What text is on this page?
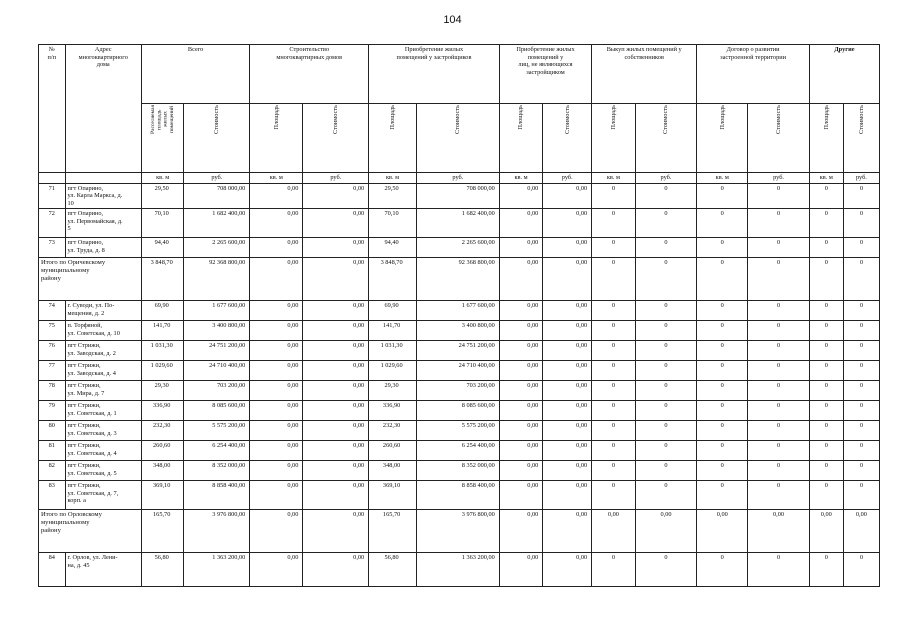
104
№
п/п	Адрес
многоквартирного
дома	Всего		Строительство
многоквартирных домов		Приобретение жилых
помещений у застройщиков		Приобретение жилых
помещений у
лиц, не являющихся
застройщиком		Выкуп жилых помещений у
собственников		Договор о развитии
застроенной территории		Другие	

		Расселяемая
площадь
жилых
помещений	Стоимость	Площадь	Стоимость	Площадь	Стоимость	Площадь	Стоимость	Площадь	Стоимость	Площадь	Стоимость	Площадь	Стоимость

		кв. м	руб.	кв. м	руб.	кв. м	руб.	кв. м	руб.	кв. м	руб.	кв. м	руб.	кв. м	руб.
71	пгт Опарино,
ул. Карла Маркса, д.
10	29,50	708 000,00	0,00	0,00	29,50	708 000,00	0,00	0,00	0	0	0	0	0	0
72	пгт Опарино,
ул. Первомайская, д.
5	70,10	1 682 400,00	0,00	0,00	70,10	1 682 400,00	0,00	0,00	0	0	0	0	0	0
73	пгт Опарино,
ул. Труда, д. 8	94,40	2 265 600,00	0,00	0,00	94,40	2 265 600,00	0,00	0,00	0	0	0	0	0	0
Итого по Оричевскому
муниципальному
району		3 848,70	92 368 800,00	0,00	0,00	3 848,70	92 368 800,00	0,00	0,00	0	0	0	0	0	0
74	г. Суводи, ул. По-
мещения, д. 2	69,90	1 677 600,00	0,00	0,00	69,90	1 677 600,00	0,00	0,00	0	0	0	0	0	0
75	п. Торфяной,
ул. Советская, д. 10	141,70	3 400 800,00	0,00	0,00	141,70	3 400 800,00	0,00	0,00	0	0	0	0	0	0
76	пгт Стрижи,
ул. Заводская, д. 2	1 031,30	24 751 200,00	0,00	0,00	1 031,30	24 751 200,00	0,00	0,00	0	0	0	0	0	0
77	пгт Стрижи,
ул. Заводская, д. 4	1 029,60	24 710 400,00	0,00	0,00	1 029,60	24 710 400,00	0,00	0,00	0	0	0	0	0	0
78	пгт Стрижи,
ул. Мира, д. 7	29,30	703 200,00	0,00	0,00	29,30	703 200,00	0,00	0,00	0	0	0	0	0	0
79	пгт Стрижи,
ул. Советская, д. 1	336,90	8 085 600,00	0,00	0,00	336,90	8 085 600,00	0,00	0,00	0	0	0	0	0	0
80	пгт Стрижи,
ул. Советская, д. 3	232,30	5 575 200,00	0,00	0,00	232,30	5 575 200,00	0,00	0,00	0	0	0	0	0	0
81	пгт Стрижи,
ул. Советская, д. 4	260,60	6 254 400,00	0,00	0,00	260,60	6 254 400,00	0,00	0,00	0	0	0	0	0	0
82	пгт Стрижи,
ул. Советская, д. 5	348,00	8 352 000,00	0,00	0,00	348,00	8 352 000,00	0,00	0,00	0	0	0	0	0	0
83	пгт Стрижи,
ул. Советская, д. 7,
корп. а	369,10	8 858 400,00	0,00	0,00	369,10	8 858 400,00	0,00	0,00	0	0	0	0	0	0
Итого по Орловскому
муниципальному
району		165,70	3 976 800,00	0,00	0,00	165,70	3 976 800,00	0,00	0,00	0,00	0,00	0,00	0,00	0,00	0,00
84	г. Орлов, ул. Лени-
на, д. 45	56,80	1 363 200,00	0,00	0,00	56,80	1 363 200,00	0,00	0,00	0	0	0	0	0	0
